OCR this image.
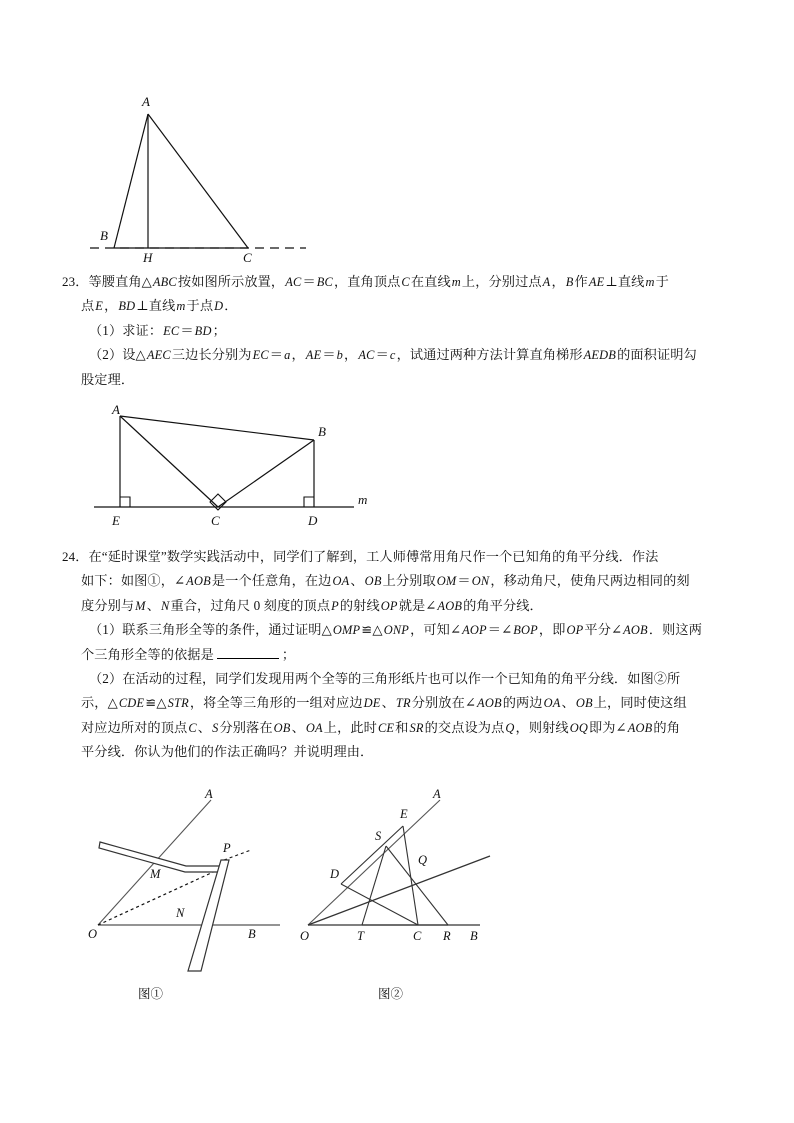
A
B
H	C
23．等腰直角△ABC按如图所示放置，AC＝BC，直角顶点C在直线m上，分别过点A，B作AE⊥直线m于
点E，BD⊥直线m于点D．
（1）求证：EC＝BD；
（2）设△AEC三边长分别为EC＝a，AE＝b，AC＝c，试通过两种方法计算直角梯形AEDB的面积证明勾
股定理．
A
B
E	C	D
m
24．在“延时课堂”数学实践活动中，同学们了解到，工人师傅常用角尺作一个已知角的角平分线．作法
如下：如图①，∠AOB是一个任意角，在边OA、OB上分别取OM＝ON，移动角尺，使角尺两边相同的刻
度分别与M、N重合，过角尺 0 刻度的顶点P的射线OP就是∠AOB的角平分线．
（1）联系三角形全等的条件，通过证明△OMP≌△ONP，可知∠AOP＝∠BOP，即OP平分∠AOB．则这两
个三角形全等的依据是	；
（2）在活动的过程，同学们发现用两个全等的三角形纸片也可以作一个已知角的角平分线．如图②所
示，△CDE≌△STR，将全等三角形的一组对应边DE、TR分别放在∠AOB的两边OA、OB上，同时使这组
对应边所对的顶点C、S分别落在OB、OA上，此时CE和SR的交点设为点Q，则射线OQ即为∠AOB的角
平分线．你认为他们的作法正确吗？并说明理由．
A
M
P
N
O	B
图①
A
E
S
Q
D
O	T	C R B
图②
